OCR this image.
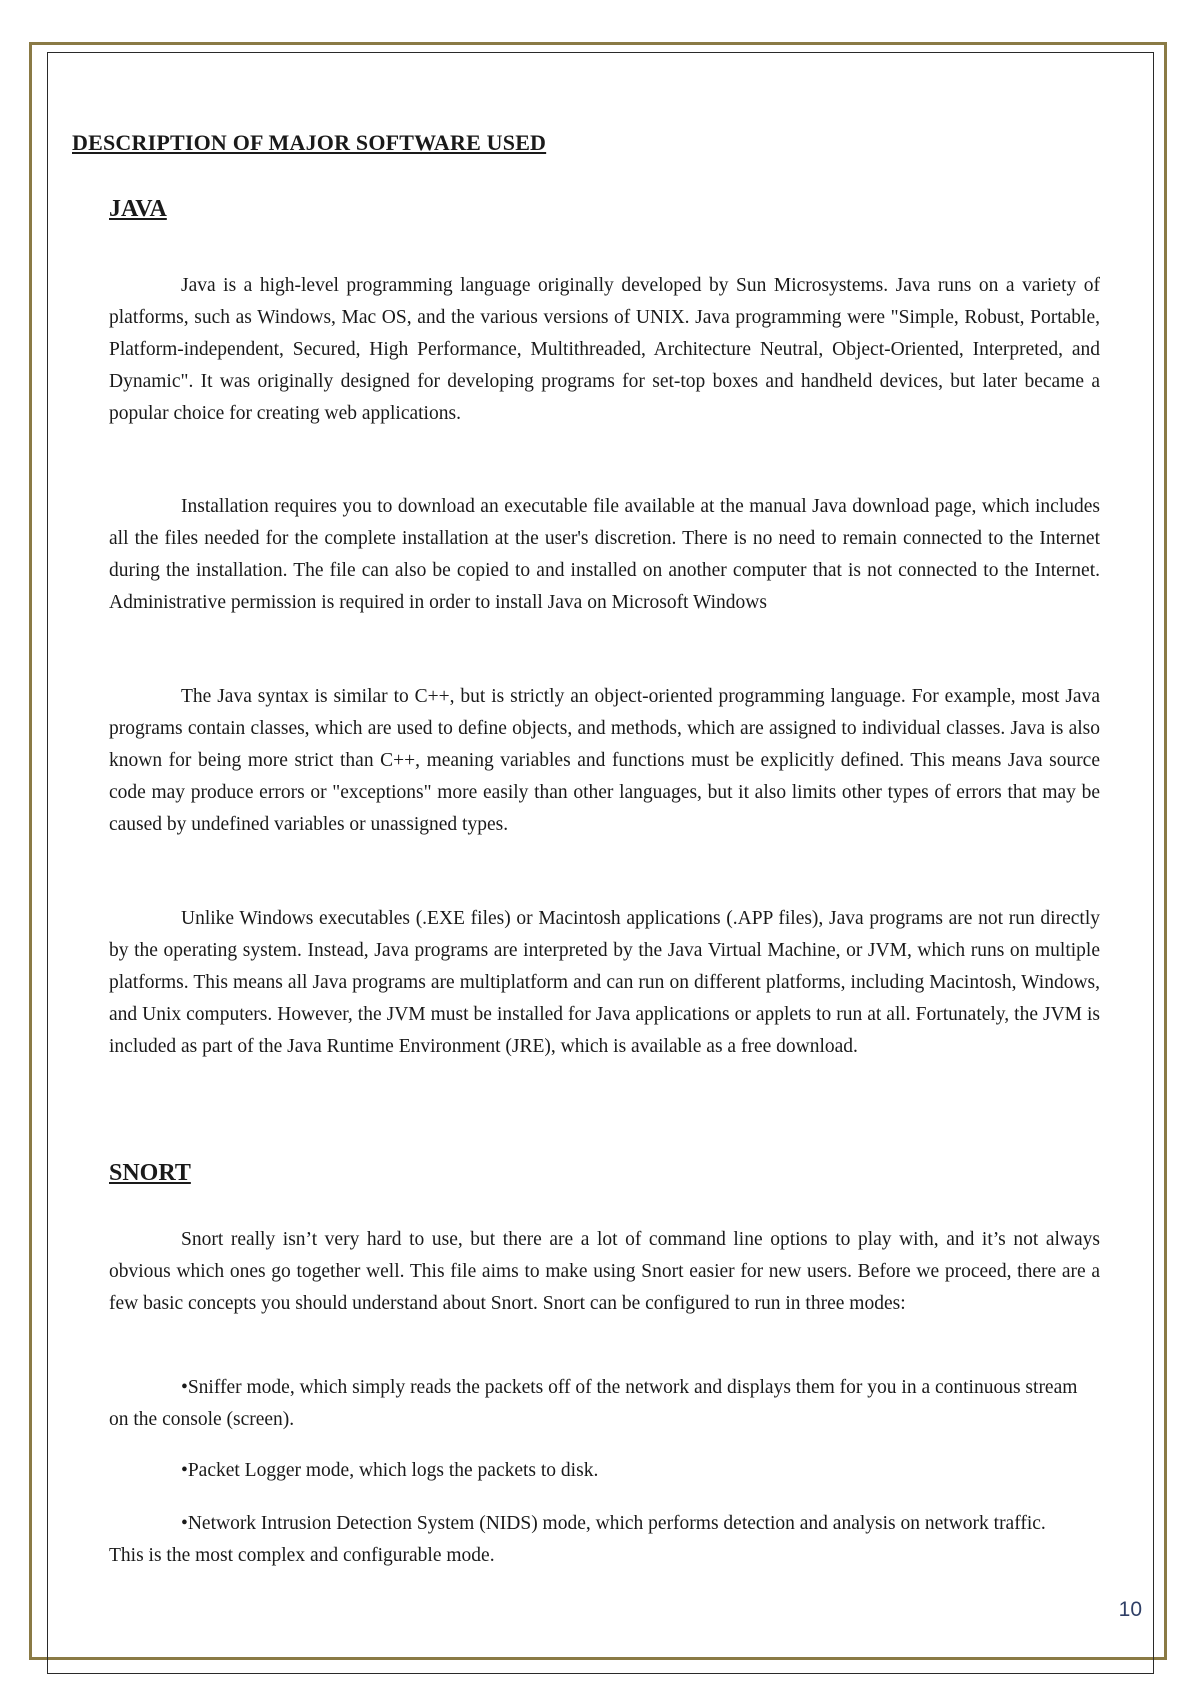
DESCRIPTION OF MAJOR SOFTWARE USED
JAVA

Java is a high-level programming language originally developed by Sun Microsystems. Java runs on a variety of platforms, such as Windows, Mac OS, and the various versions of UNIX. Java programming were "Simple, Robust, Portable, Platform-independent, Secured, High Performance, Multithreaded, Architecture Neutral, Object-Oriented, Interpreted, and Dynamic". It was originally designed for developing programs for set-top boxes and handheld devices, but later became a popular choice for creating web applications.

Installation requires you to download an executable file available at the manual Java download page, which includes all the files needed for the complete installation at the user's discretion. There is no need to remain connected to the Internet during the installation. The file can also be copied to and installed on another computer that is not connected to the Internet. Administrative permission is required in order to install Java on Microsoft Windows

The Java syntax is similar to C++, but is strictly an object-oriented programming language. For example, most Java programs contain classes, which are used to define objects, and methods, which are assigned to individual classes. Java is also known for being more strict than C++, meaning variables and functions must be explicitly defined. This means Java source code may produce errors or "exceptions" more easily than other languages, but it also limits other types of errors that may be caused by undefined variables or unassigned types.

Unlike Windows executables (.EXE files) or Macintosh applications (.APP files), Java programs are not run directly by the operating system. Instead, Java programs are interpreted by the Java Virtual Machine, or JVM, which runs on multiple platforms. This means all Java programs are multiplatform and can run on different platforms, including Macintosh, Windows, and Unix computers. However, the JVM must be installed for Java applications or applets to run at all. Fortunately, the JVM is included as part of the Java Runtime Environment (JRE), which is available as a free download.

SNORT

Snort really isn’t very hard to use, but there are a lot of command line options to play with, and it’s not always obvious which ones go together well. This file aims to make using Snort easier for new users. Before we proceed, there are a few basic concepts you should understand about Snort. Snort can be configured to run in three modes:

•Sniffer mode, which simply reads the packets off of the network and displays them for you in a continuous stream on the console (screen).

•Packet Logger mode, which logs the packets to disk.

•Network Intrusion Detection System (NIDS) mode, which performs detection and analysis on network traffic. This is the most complex and configurable mode.

10
